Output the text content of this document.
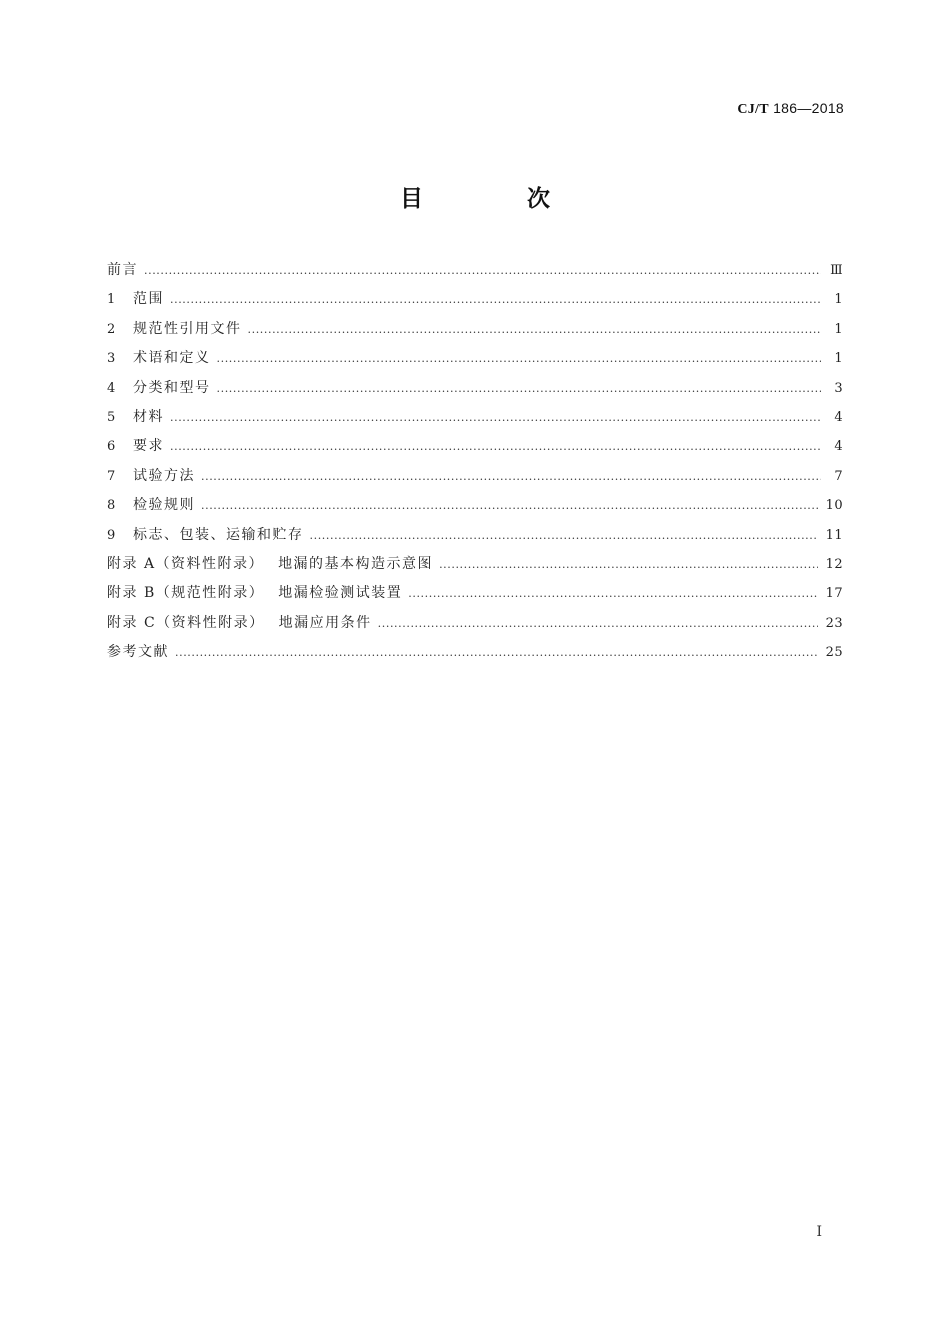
CJ/T 186—2018
目 次
前言 .....	Ⅲ
1	范围 .....	1
2	规范性引用文件 .....	1
3	术语和定义 .....	1
4	分类和型号 .....	3
5	材料 .....	4
6	要求 .....	4
7	试验方法 .....	7
8	检验规则 .....	10
9	标志、包装、运输和贮存 .....	11
附录 A（资料性附录） 地漏的基本构造示意图 .....	12
附录 B（规范性附录） 地漏检验测试装置 .....	17
附录 C（资料性附录） 地漏应用条件 .....	23
参考文献 .....	25
I
